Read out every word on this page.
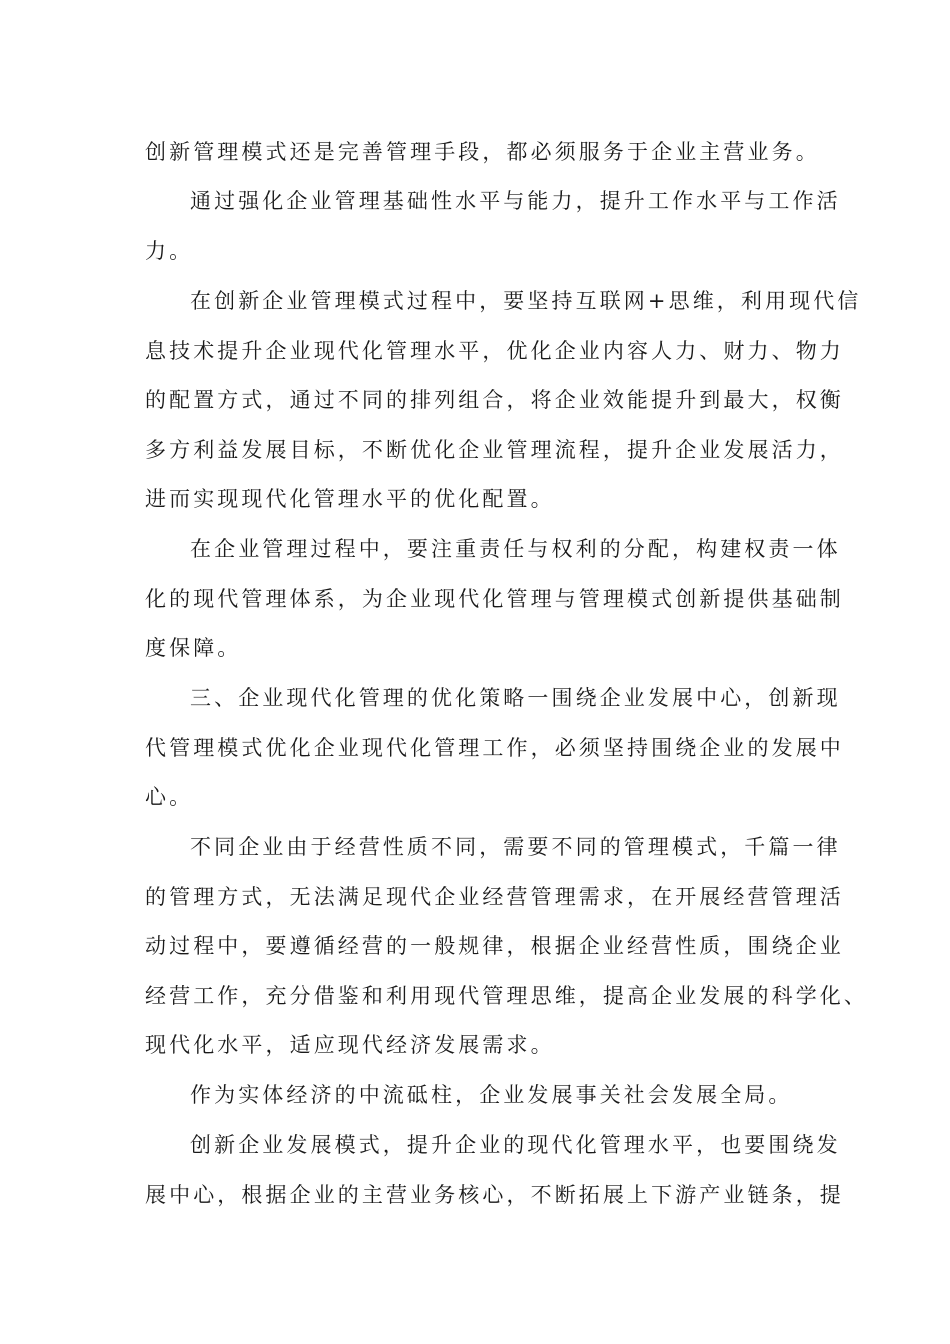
创新管理模式还是完善管理手段，都必须服务于企业主营业务。
通过强化企业管理基础性水平与能力，提升工作水平与工作活
力。
在创新企业管理模式过程中，要坚持互联网+思维，利用现代信
息技术提升企业现代化管理水平，优化企业内容人力、财力、物力
的配置方式，通过不同的排列组合，将企业效能提升到最大，权衡
多方利益发展目标，不断优化企业管理流程，提升企业发展活力，
进而实现现代化管理水平的优化配置。
在企业管理过程中，要注重责任与权利的分配，构建权责一体
化的现代管理体系，为企业现代化管理与管理模式创新提供基础制
度保障。
三、企业现代化管理的优化策略一围绕企业发展中心，创新现
代管理模式优化企业现代化管理工作，必须坚持围绕企业的发展中
心。
不同企业由于经营性质不同，需要不同的管理模式，千篇一律
的管理方式，无法满足现代企业经营管理需求，在开展经营管理活
动过程中，要遵循经营的一般规律，根据企业经营性质，围绕企业
经营工作，充分借鉴和利用现代管理思维，提高企业发展的科学化、
现代化水平，适应现代经济发展需求。
作为实体经济的中流砥柱，企业发展事关社会发展全局。
创新企业发展模式，提升企业的现代化管理水平，也要围绕发
展中心，根据企业的主营业务核心，不断拓展上下游产业链条，提
